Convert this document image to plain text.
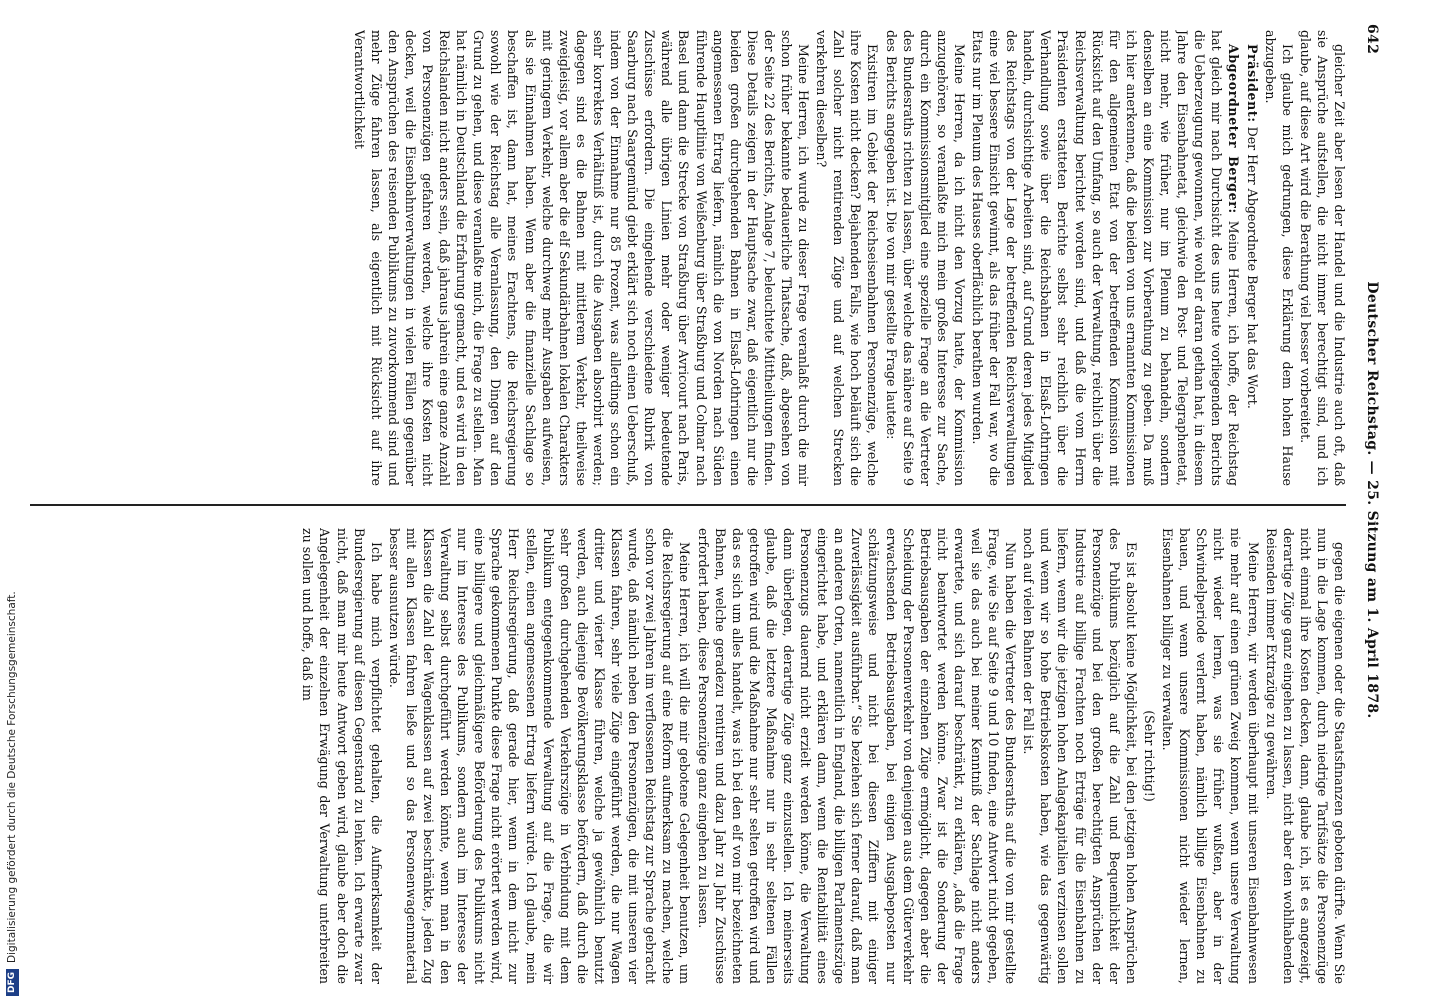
642
Deutscher Reichstag. — 25. Sitzung am 1. April 1878.

gleicher Zeit aber lesen der Handel und die Industrie auch oft, daß sie Ansprüche aufstellen, die nicht immer berechtigt sind, und ich glaube, auf diese Art wird die Berathung viel besser vorbereitet.

Ich glaube mich gedrungen, diese Erklärung dem hohen Hause abzugeben.

Präsident: Der Herr Abgeordnete Berger hat das Wort.

Abgeordneter Berger: Meine Herren, ich hoffe, der Reichstag hat gleich mir nach Durchsicht des uns heute vorliegenden Berichts die Ueberzeugung gewonnen, wie wohl er daran gethan hat, in diesem Jahre den Eisenbahnetat, gleichwie den Post- und Telegraphenetat, nicht mehr, wie früher, nur im Plenum zu behandeln, sondern denselben an eine Kommission zur Vorberathung zu geben. Da muß ich hier anerkennen, daß die beiden von uns ernannten Kommissionen für den allgemeinen Etat von der betreffenden Kommission mit Rücksicht auf den Umfang, so auch der Verwaltung, reichlich über die Reichsverwaltung berichtet worden sind, und daß die vom Herrn Präsidenten erstatteten Berichte selbst sehr reichlich über die Verhandlung sowie über die Reichsbahnen in Elsaß-Lothringen handeln, durchsichtige Arbeiten sind, auf Grund deren jedes Mitglied des Reichstags von der Lage der betreffenden Reichsverwaltungen eine viel bessere Einsicht gewinnt, als das früher der Fall war, wo die Etats nur im Plenum des Hauses oberflächlich berathen wurden.

Meine Herren, da ich nicht den Vorzug hatte, der Kommission anzugehören, so veranlaßte mich mein großes Interesse zur Sache, durch ein Kommissionsmitglied eine spezielle Frage an die Vertreter des Bundesraths richten zu lassen, über welche das nähere auf Seite 9 des Berichts angegeben ist. Die von mir gestellte Frage lautete:

Existiren im Gebiet der Reichseisenbahnen Personenzüge, welche ihre Kosten nicht decken? Bejahenden Falls, wie hoch beläuft sich die Zahl solcher nicht rentirenden Züge und auf welchen Strecken verkehren dieselben?

Meine Herren, ich wurde zu dieser Frage veranlaßt durch die mir schon früher bekannte bedauerliche Thatsache, daß, abgesehen von der Seite 22 des Berichts, Anlage 7, beleuchtete Mittheilungen finden. Diese Details zeigen in der Hauptsache zwar, daß eigentlich nur die beiden großen durchgehenden Bahnen in Elsaß-Lothringen einen angemessenen Ertrag liefern, nämlich die von Norden nach Süden führende Hauptlinie von Weißenburg über Straßburg und Colmar nach Basel und dann die Strecke von Straßburg über Avricourt nach Paris, während alle übrigen Linien mehr oder weniger bedeutende Zuschüsse erfordern. Die eingehende verschiedene Rubrik von Saarburg nach Saargemünd giebt erklärt sich noch einen Ueberschuß, indem von der Einnahme nur 85 Prozent, was allerdings schon ein sehr korrektes Verhältniß ist, durch die Ausgaben absorbirt werden; dagegen sind es die Bahnen mit mittlerem Verkehr, theilweise zweigleisig, vor allem aber die elf Sekundärbahnen lokalen Charakters mit geringem Verkehr, welche durchweg mehr Ausgaben aufweisen, als sie Einnahmen haben. Wenn aber die finanzielle Sachlage so beschaffen ist, dann hat, meines Erachtens, die Reichsregierung sowohl wie der Reichstag alle Veranlassung, den Dingen auf den Grund zu gehen, und diese veranlaßte mich, die Frage zu stellen. Man hat nämlich in Deutschland die Erfahrung gemacht, und es wird in den Reichslanden nicht anders sein, daß jahraus jahrein eine ganze Anzahl von Personenzügen gefahren werden, welche ihre Kosten nicht decken, weil die Eisenbahnverwaltungen in vielen Fällen gegenüber den Ansprüchen des reisenden Publikums zu zuvorkommend sind und mehr Züge fahren lassen, als eigentlich mit Rücksicht auf ihre Verantwortlichkeit

gegen die eigenen oder die Staatsfinanzen geboten dürfte. Wenn Sie nun in die Lage kommen, durch niedrige Tarifsätze die Personenzüge nicht einmal ihre Kosten decken, dann, glaube ich, ist es angezeigt, derartige Züge ganz eingehen zu lassen, nicht aber den wohlhabenden Reisenden immer Extrazüge zu gewähren.

Meine Herren, wir werden überhaupt mit unseren Eisenbahnwesen nie mehr auf einen grünen Zweig kommen, wenn unsere Verwaltung nicht wieder lernen, was sie früher wußten, aber in der Schwindelperiode verlernt haben, nämlich billige Eisenbahnen zu bauen, und wenn unsere Kommissionen nicht wieder lernen, Eisenbahnen billiger zu verwalten.

(Sehr richtig!)

Es ist absolut keine Möglichkeit, bei den jetzigen hohen Ansprüchen des Publikums bezüglich auf die Zahl und Bequemlichkeit der Personenzüge und bei den großen berechtigten Ansprüchen der Industrie auf billige Frachten noch Erträge für die Eisenbahnen zu liefern, wenn wir die jetzigen hohen Anlagekapitalien verzinsen sollen und wenn wir so hohe Betriebskosten haben, wie das gegenwärtig noch auf vielen Bahnen der Fall ist.

Nun haben die Vertreter des Bundesraths auf die von mir gestellte Frage, wie Sie auf Seite 9 und 10 finden, eine Antwort nicht gegeben, weil sie das auch bei meiner Kenntniß der Sachlage nicht anders erwartete, und sich darauf beschränkt, zu erklären, „daß die Frage nicht beantwortet werden könne. Zwar ist die Sonderung der Betriebsausgaben der einzelnen Züge ermöglicht, dagegen aber die Scheidung der Personenverkehr von denjenigen aus dem Güterverkehr erwachsenden Betriebsausgaben, bei einigen Ausgabeposten nur schätzungsweise und nicht bei diesen Ziffern mit einiger Zuverlässigkeit ausführbar.“ Sie beziehen sich ferner darauf, daß man an anderen Orten, namentlich in England, die billigen Parlamentszüge eingerichtet habe, und erklären dann, wenn die Rentabilität eines Personenzugs dauernd nicht erzielt werden könne, die Verwaltung dann überlegen, derartige Züge ganz einzustellen. Ich meinerseits glaube, daß die letztere Maßnahme nur in sehr seltenen Fällen getroffen wird und die Maßnahme nur sehr selten getroffen wird und das es sich um alles handelt, was ich bei den elf von mir bezeichneten Bahnen, welche geradezu rentiren und dazu Jahr zu Jahr Zuschüsse erfordert haben, diese Personenzüge ganz eingehen zu lassen.

Meine Herren, ich will die mir gebotene Gelegenheit benutzen, um die Reichsregierung auf eine Reform aufmerksam zu machen, welche schon vor zwei Jahren im verflossenen Reichstag zur Sprache gebracht wurde, daß nämlich neben den Personenzügen, die mit unseren vier Klassen fahren, sehr viele Züge eingeführt werden, die nur Wagen dritter und vierter Klasse führen, welche ja gewöhnlich benutzt werden, auch diejenige Bevölkerungsklasse befördern, daß durch die sehr großen durchgehenden Verkehrszüge in Verbindung mit dem Publikum entgegenkommende Verwaltung auf die Frage, die wir stellen, einen angemessenen Ertrag liefern würde. Ich glaube, mein Herr Reichsregierung, daß gerade hier, wenn in dem nicht zur Sprache gekommenen Punkte diese Frage nicht erörtert werden wird, eine billigere und gleichmäßigere Beförderung des Publikums nicht nur im Interesse des Publikums, sondern auch im Interesse der Verwaltung selbst durchgeführt werden könnte, wenn man in den Klassen die Zahl der Wagenklassen auf zwei beschränkte, jeden Zug mit allen Klassen fahren ließe und so das Personenwagenmaterial besser ausnutzen würde.

Ich habe mich verpflichtet gehalten, die Aufmerksamkeit der Bundesregierung auf diesen Gegenstand zu lenken. Ich erwarte zwar nicht, daß man mir heute Antwort geben wird, glaube aber doch die Angelegenheit der einzelnen Erwägung der Verwaltung unterbreiten zu sollen und hoffe, daß im

DFGDigitalisierung gefördert durch die Deutsche Forschungsgemeinschaft.
